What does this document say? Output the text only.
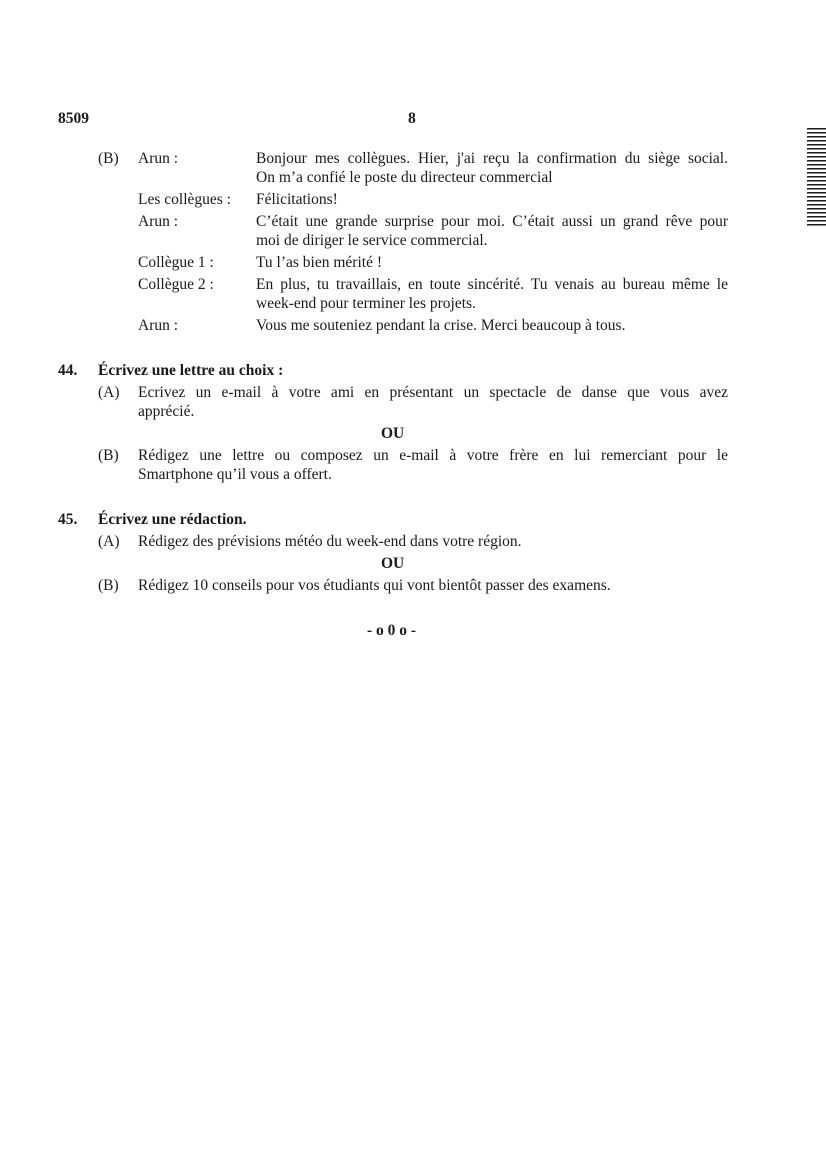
8509	8
(B) Arun :	Bonjour mes collègues. Hier, j'ai reçu la confirmation du siège social.
On m’a confié le poste du directeur commercial
Les collègues : Félicitations!
Arun :	C’était une grande surprise pour moi. C’était aussi un grand rêve pour
moi de diriger le service commercial.
Collègue 1 :	Tu l’as bien mérité !
Collègue 2 :	En plus, tu travaillais, en toute sincérité. Tu venais au bureau même le
week-end pour terminer les projets.
Arun :	Vous me souteniez pendant la crise. Merci beaucoup à tous.
44. Écrivez une lettre au choix :
(A) Ecrivez un e-mail à votre ami en présentant un spectacle de danse que vous avez
apprécié.
OU
(B) Rédigez une lettre ou composez un e-mail à votre frère en lui remerciant pour le
Smartphone qu’il vous a offert.
45. Écrivez une rédaction.
(A) Rédigez des prévisions météo du week-end dans votre région.
OU
(B) Rédigez 10 conseils pour vos étudiants qui vont bientôt passer des examens.
- o 0 o -
